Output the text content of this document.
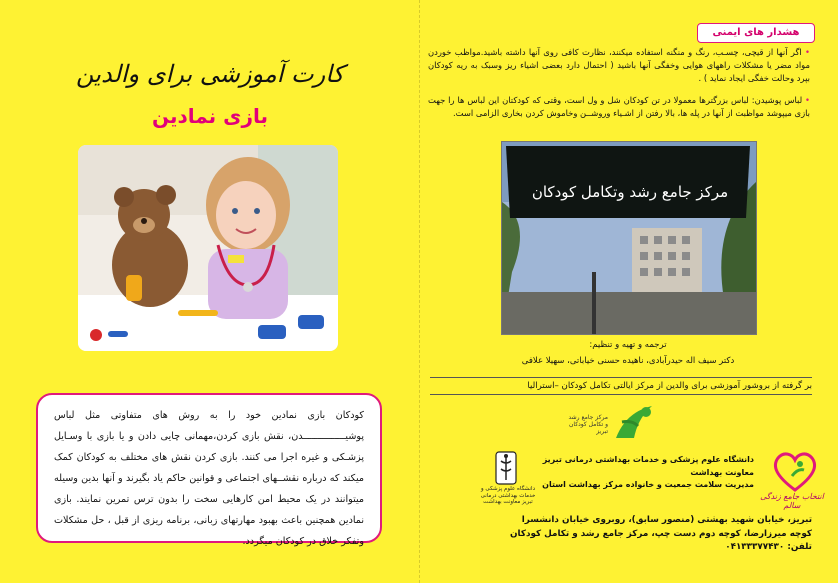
کارت آموزشی برای والدین
بازی نمادین
کودکان بازی نمادین خود را به روش های متفاوتی مثل لباس پوشیـــــــــــــــدن، نقش بازی کردن،مهمانی چایی دادن و یا بازی با وسـایل پزشـکی و غیره اجرا می کنند. بازی کردن نقش های مختلف به کودکان کمک میکند که درباره نقشــهای اجتماعی و قوانین حاکم یاد بگیرند و آنها بدین وسیله میتوانند در یک محیط امن کارهایی سخت را بدون ترس تمرین نمایند. بازی نمادین همچنین باعث بهبود مهارتهای زبانی، برنامه ریزی از قبل ، حل مشکلات وتفکر خلاق در کودکان میگردد.
هشدار های ایمنی

• اگر آنها از قیچی، چسـب، رنگ و منگنه استفاده میکنند، نظارت کافی روی آنها داشته باشید.مواظب خوردن مواد مضر یا مشکلات راههای هوایی وخفگی آنها باشید ( احتمال دارد بعضی اشیاء ریز وسبک به ریه کودکان بپرد وحالت خفگی ایجاد نماید ) .

• لباس پوشیدن: لباس بزرگترها معمولا در تن کودکان شل و ول است، وقتی که کودکتان این لباس ها را جهت بازی میپوشد مواظبت از آنها در پله ها، بالا رفتن از اشـیاء وروشــن وخاموش کردن بخاری الزامی است.

مرکز جامع رشد وتکامل کودکان
ترجمه و تهیه و تنظیم:
دکتر سیف اله حیدرآبادی، ناهیده حسنی خیاباتی، سهیلا علافی
بر گرفته از بروشور آموزشی برای والدین از مرکز ایالتی تکامل کودکان –استرالیا
مرکز جامع رشد و تکامل کودکان تبریز
دانشگاه علوم پزشکی و خدمات بهداشتی درمانی تبریز معاونت بهداشت
دانشگاه علوم پزشکی و خدمات بهداشتی درمانی تبریز
معاونت بهداشت
مدیریت سلامت جمعیت و خانواده مرکز بهداشت استان
انتخاب جامع زندگی سالم
تبریز، خیابان شهید بهشتی (منصور سابق)، روبروی خیابان دانشسرا
کوچه میرزارضا، کوچه دوم دست چپ، مرکز جامع رشد و تکامل کودکان
تلفن: ۰۴۱۳۳۳۷۷۴۳۰
